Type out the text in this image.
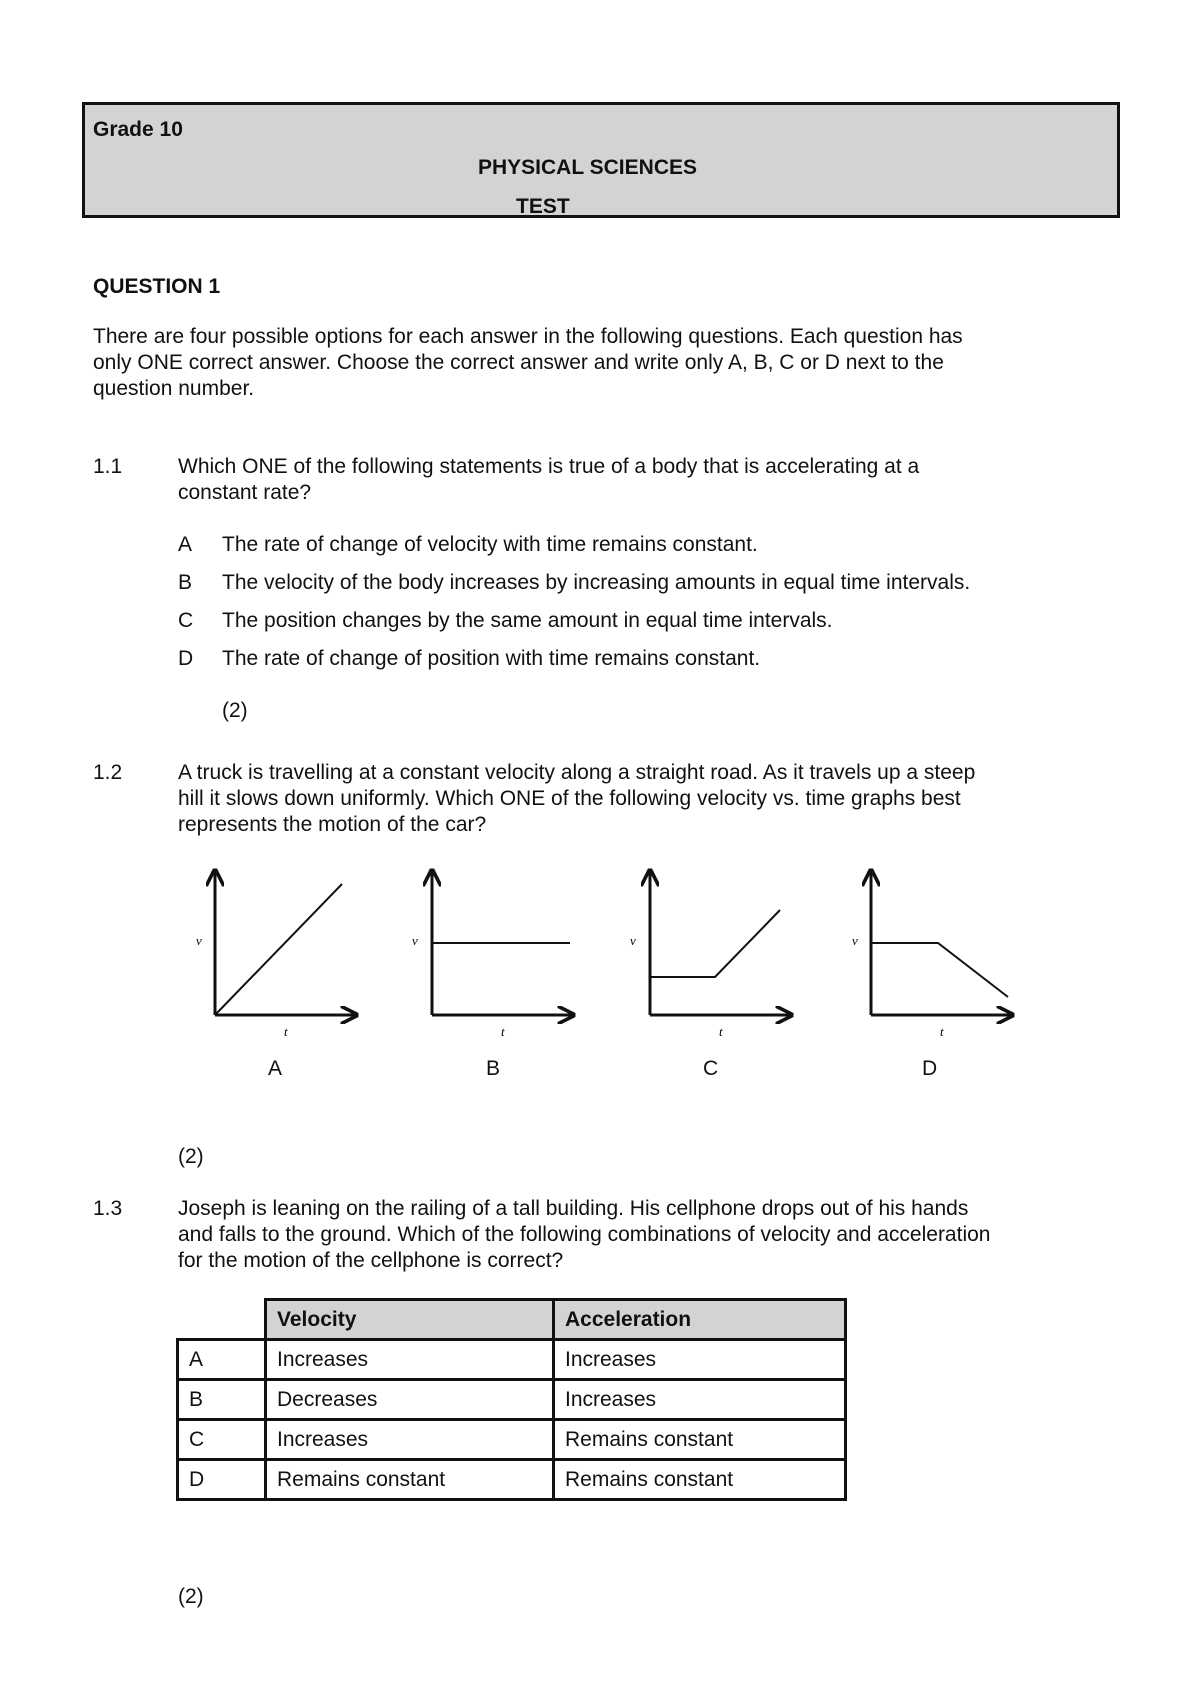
Grade 10
PHYSICAL SCIENCES
TEST
QUESTION 1
There are four possible options for each answer in the following questions. Each question has
only ONE correct answer. Choose the correct answer and write only A, B, C or D next to the
question number.
1.1	Which ONE of the following statements is true of a body that is accelerating at a
constant rate?
A The rate of change of velocity with time remains constant.
B The velocity of the body increases by increasing amounts in equal time intervals.
C The position changes by the same amount in equal time intervals.
D The rate of change of position with time remains constant.
(2)
1.2	A truck is travelling at a constant velocity along a straight road. As it travels up a steep
hill it slows down uniformly. Which ONE of the following velocity vs. time graphs best
represents the motion of the car?
v
t
v
t
v
t
v
t
A	B	C	D
(2)
1.3	Joseph is leaning on the railing of a tall building. His cellphone drops out of his hands
and falls to the ground. Which of the following combinations of velocity and acceleration
for the motion of the cellphone is correct?
	Velocity	Acceleration
A	Increases	Increases
B	Decreases	Increases
C	Increases	Remains constant
D	Remains constant	Remains constant
(2)
